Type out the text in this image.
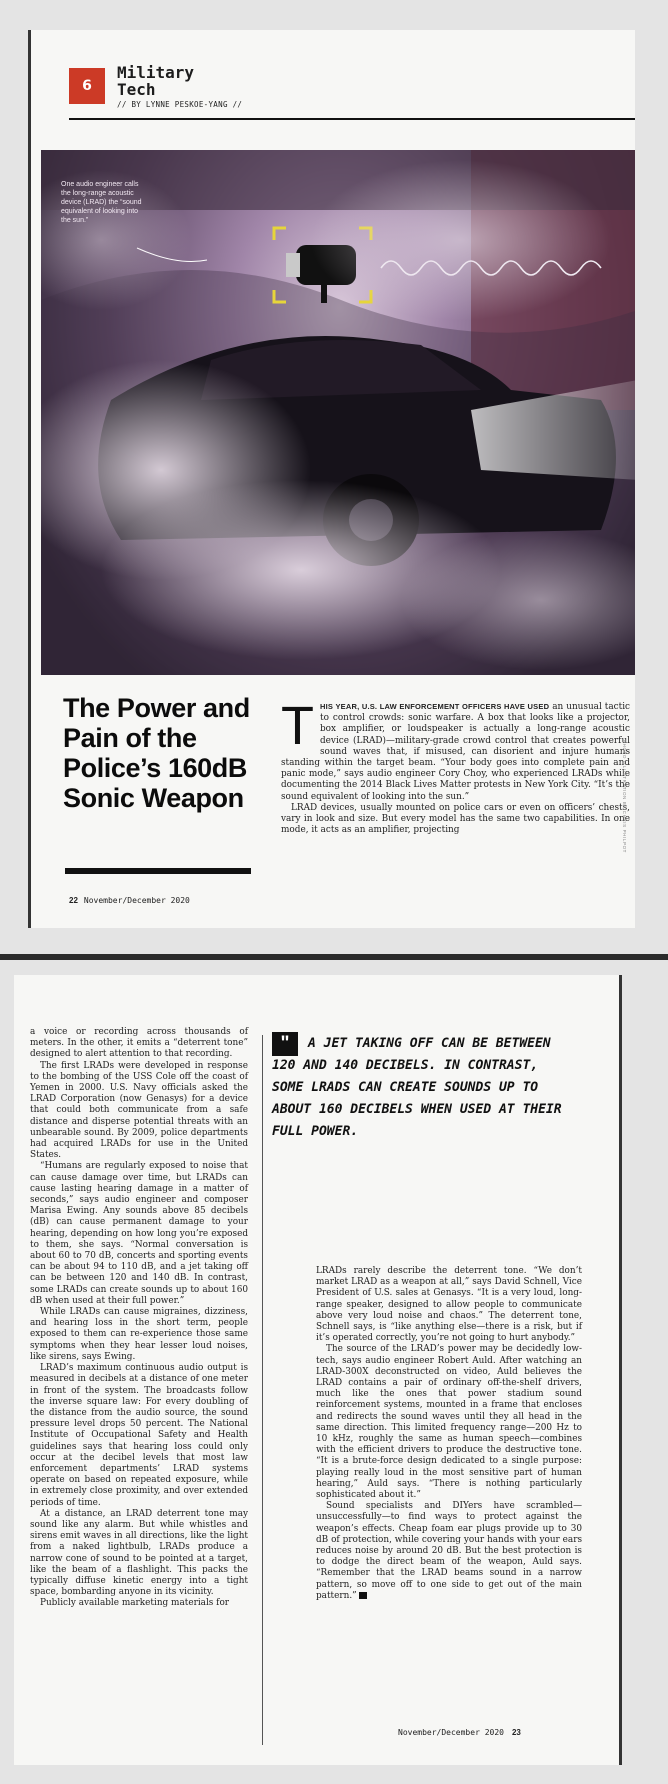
6
Military Tech
// BY LYNNE PESKOE-YANG //
One audio engineer calls the long-range acoustic device (LRAD) the “sound equivalent of looking into the sun.”
The Power and Pain of the Police’s 160dB Sonic Weapon
T HIS YEAR, U.S. LAW ENFORCEMENT OFFICERS HAVE USED an unusual tactic to control crowds: sonic warfare. A box that looks like a projector, box amplifier, or loudspeaker is actually a long-range acoustic device (LRAD)—military-grade crowd control that creates powerful sound waves that, if misused, can disorient and injure humans standing within the target beam. “Your body goes into complete pain and panic mode,” says audio engineer Cory Choy, who experienced LRADs while documenting the 2014 Black Lives Matter protests in New York City. “It’s the sound equivalent of looking into the sun.”

LRAD devices, usually mounted on police cars or even on officers’ chests, vary in look and size. But every model has the same two capabilities. In one mode, it acts as an amplifier, projecting	PHOTO ILLUSTRATION BY CHRIS PHILPOT
22 November/December 2020

a voice or recording across thousands of meters. In the other, it emits a “deterrent tone” designed to alert attention to that recording.

The first LRADs were developed in response to the bombing of the USS Cole off the coast of Yemen in 2000. U.S. Navy officials asked the LRAD Corporation (now Genasys) for a device that could both communicate from a safe distance and disperse potential threats with an unbearable sound. By 2009, police departments had acquired LRADs for use in the United States.

“Humans are regularly exposed to noise that can cause damage over time, but LRADs can cause lasting hearing damage in a matter of seconds,” says audio engineer and composer Marisa Ewing. Any sounds above 85 decibels (dB) can cause permanent damage to your hearing, depending on how long you’re exposed to them, she says. “Normal conversation is about 60 to 70 dB, concerts and sporting events can be about 94 to 110 dB, and a jet taking off can be between 120 and 140 dB. In contrast, some LRADs can create sounds up to about 160 dB when used at their full power.”

While LRADs can cause migraines, dizziness, and hearing loss in the short term, people exposed to them can re-experience those same symptoms when they hear lesser loud noises, like sirens, says Ewing.

LRAD’s maximum continuous audio output is measured in decibels at a distance of one meter in front of the system. The broadcasts follow the inverse square law: For every doubling of the distance from the audio source, the sound pressure level drops 50 percent. The National Institute of Occupational Safety and Health guidelines says that hearing loss could only occur at the decibel levels that most law enforcement departments’ LRAD systems operate on based on repeated exposure, while in extremely close proximity, and over extended periods of time.

At a distance, an LRAD deterrent tone may sound like any alarm. But while whistles and sirens emit waves in all directions, like the light from a naked lightbulb, LRADs produce a narrow cone of sound to be pointed at a target, like the beam of a flashlight. This packs the typically diffuse kinetic energy into a tight space, bombarding anyone in its vicinity.

Publicly available marketing materials for

A JET TAKING OFF CAN BE BETWEEN 120 AND 140 DECIBELS. IN CONTRAST, SOME LRADS CAN CREATE SOUNDS UP TO ABOUT 160 DECIBELS WHEN USED AT THEIR FULL POWER.
"

LRADs rarely describe the deterrent tone. “We don’t market LRAD as a weapon at all,” says David Schnell, Vice President of U.S. sales at Genasys. “It is a very loud, long-range speaker, designed to allow people to communicate above very loud noise and chaos.” The deterrent tone, Schnell says, is “like anything else—there is a risk, but if it’s operated correctly, you’re not going to hurt anybody.”

The source of the LRAD’s power may be decidedly low-tech, says audio engineer Robert Auld. After watching an LRAD-300X deconstructed on video, Auld believes the LRAD contains a pair of ordinary off-the-shelf drivers, much like the ones that power stadium sound reinforcement systems, mounted in a frame that encloses and redirects the sound waves until they all head in the same direction. This limited frequency range—200 Hz to 10 kHz, roughly the same as human speech—combines with the efficient drivers to produce the destructive tone. “It is a brute-force design dedicated to a single purpose: playing really loud in the most sensitive part of human hearing,” Auld says. “There is nothing particularly sophisticated about it.”

Sound specialists and DIYers have scrambled—unsuccessfully—to find ways to protect against the weapon’s effects. Cheap foam ear plugs provide up to 30 dB of protection, while covering your hands with your ears reduces noise by around 20 dB. But the best protection is to dodge the direct beam of the weapon, Auld says. “Remember that the LRAD beams sound in a narrow pattern, so move off to one side to get out of the main pattern.”

November/December 2020 23
